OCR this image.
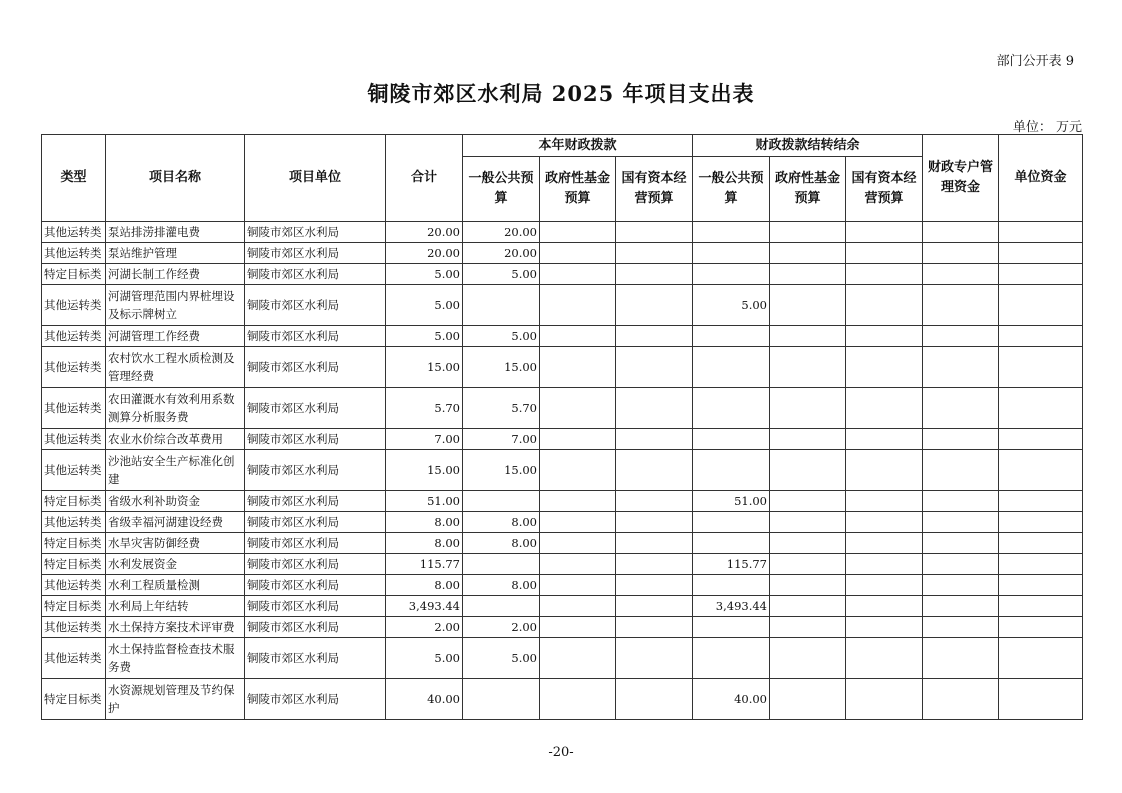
部门公开表 9
铜陵市郊区水利局 2025 年项目支出表
单位： 万元
类型	项目名称	项目单位	合计	本年财政拨款			财政拨款结转结余			财政专户管理资金	单位资金
				一般公共预算	政府性基金预算	国有资本经营预算	一般公共预算	政府性基金预算	国有资本经营预算		
其他运转类	泵站排涝排灌电费	铜陵市郊区水利局	20.00	20.00							
其他运转类	泵站维护管理	铜陵市郊区水利局	20.00	20.00							
特定目标类	河湖长制工作经费	铜陵市郊区水利局	5.00	5.00							
其他运转类	河湖管理范围内界桩埋设及标示牌树立	铜陵市郊区水利局	5.00				5.00				
其他运转类	河湖管理工作经费	铜陵市郊区水利局	5.00	5.00							
其他运转类	农村饮水工程水质检测及管理经费	铜陵市郊区水利局	15.00	15.00							
其他运转类	农田灌溉水有效利用系数测算分析服务费	铜陵市郊区水利局	5.70	5.70							
其他运转类	农业水价综合改革费用	铜陵市郊区水利局	7.00	7.00							
其他运转类	沙池站安全生产标准化创建	铜陵市郊区水利局	15.00	15.00							
特定目标类	省级水利补助资金	铜陵市郊区水利局	51.00				51.00				
其他运转类	省级幸福河湖建设经费	铜陵市郊区水利局	8.00	8.00							
特定目标类	水旱灾害防御经费	铜陵市郊区水利局	8.00	8.00							
特定目标类	水利发展资金	铜陵市郊区水利局	115.77				115.77				
其他运转类	水利工程质量检测	铜陵市郊区水利局	8.00	8.00							
特定目标类	水利局上年结转	铜陵市郊区水利局	3,493.44				3,493.44				
其他运转类	水土保持方案技术评审费	铜陵市郊区水利局	2.00	2.00							
其他运转类	水土保持监督检查技术服务费	铜陵市郊区水利局	5.00	5.00							
特定目标类	水资源规划管理及节约保护	铜陵市郊区水利局	40.00				40.00				
-20-
